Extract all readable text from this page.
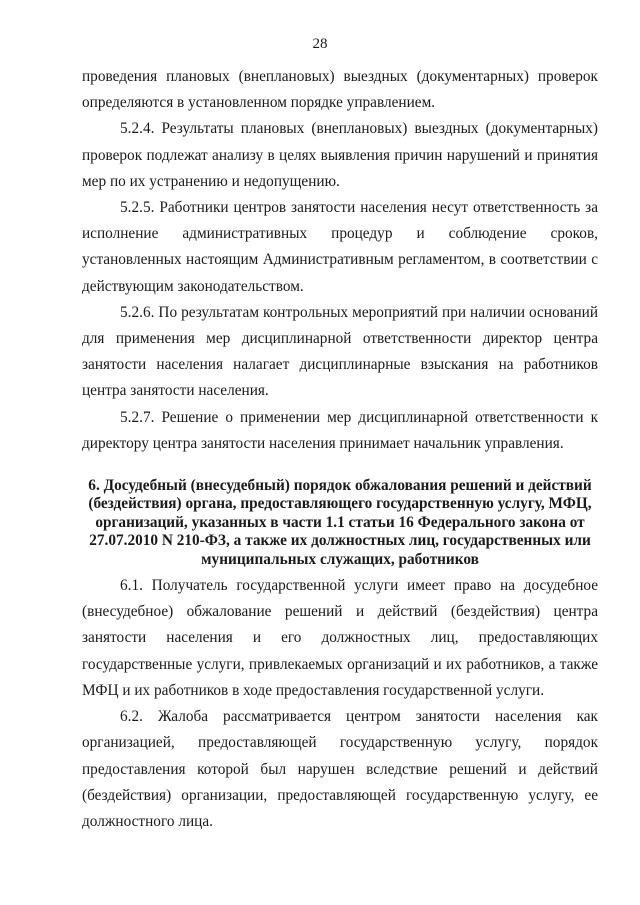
28

проведения плановых (внеплановых) выездных (документарных) проверок определяются в установленном порядке управлением.

5.2.4. Результаты плановых (внеплановых) выездных (документарных) проверок подлежат анализу в целях выявления причин нарушений и принятия мер по их устранению и недопущению.

5.2.5. Работники центров занятости населения несут ответственность за исполнение административных процедур и соблюдение сроков, установленных настоящим Административным регламентом, в соответствии с действующим законодательством.

5.2.6. По результатам контрольных мероприятий при наличии оснований для применения мер дисциплинарной ответственности директор центра занятости населения налагает дисциплинарные взыскания на работников центра занятости населения.

5.2.7. Решение о применении мер дисциплинарной ответственности к директору центра занятости населения принимает начальник управления.

6. Досудебный (внесудебный) порядок обжалования решений и действий (бездействия) органа, предоставляющего государственную услугу, МФЦ, организаций, указанных в части 1.1 статьи 16 Федерального закона от 27.07.2010 N 210-ФЗ, а также их должностных лиц, государственных или муниципальных служащих, работников

6.1. Получатель государственной услуги имеет право на досудебное (внесудебное) обжалование решений и действий (бездействия) центра занятости населения и его должностных лиц, предоставляющих государственные услуги, привлекаемых организаций и их работников, а также МФЦ и их работников в ходе предоставления государственной услуги.

6.2. Жалоба рассматривается центром занятости населения как организацией, предоставляющей государственную услугу, порядок предоставления которой был нарушен вследствие решений и действий (бездействия) организации, предоставляющей государственную услугу, ее должностного лица.
